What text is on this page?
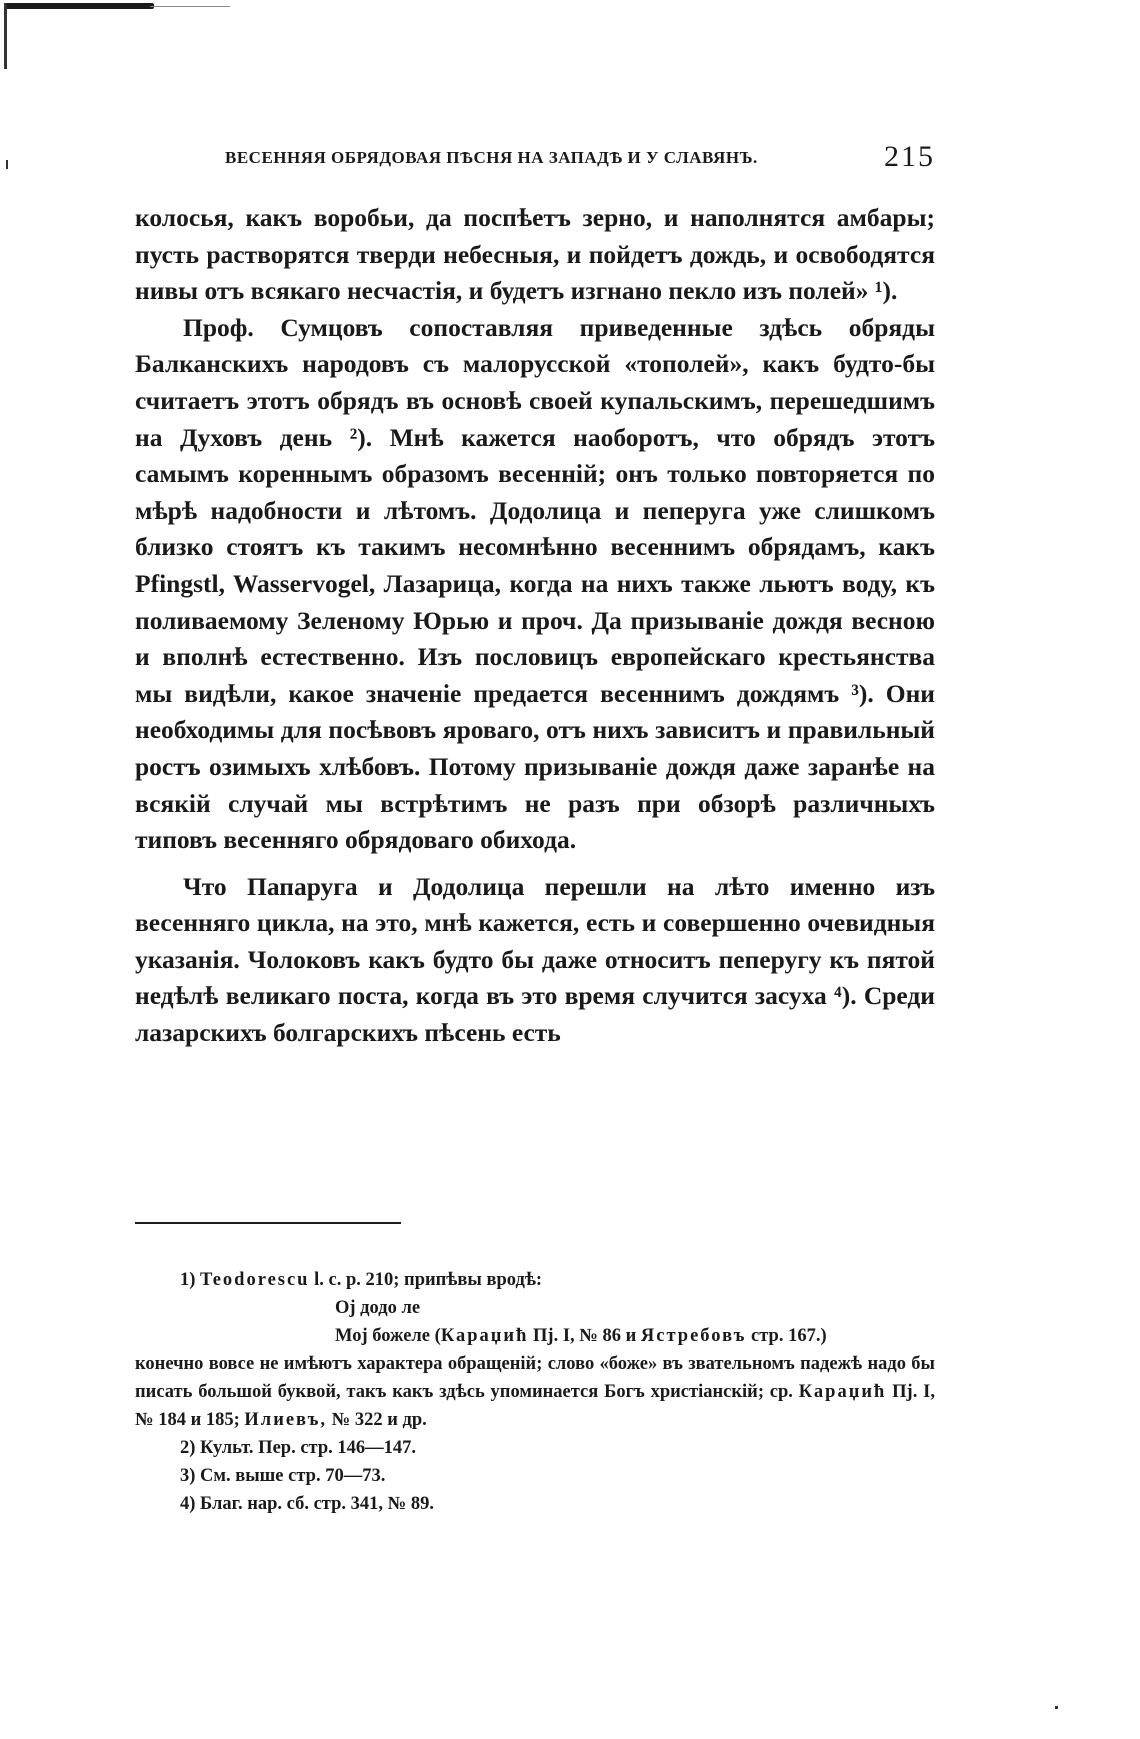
ВЕСЕННЯЯ ОБРЯДОВАЯ ПѢСНЯ НА ЗАПАДѢ И У СЛАВЯНЪ.	215

колосья, какъ воробьи, да поспѣетъ зерно, и наполнятся амбары; пусть растворятся тверди небесныя, и пойдетъ дождь, и освободятся нивы отъ всякаго несчастія, и будетъ изгнано пекло изъ полей» ¹).

Проф. Сумцовъ сопоставляя приведенные здѣсь обряды Балканскихъ народовъ съ малорусской «тополей», какъ будто-бы считаетъ этотъ обрядъ въ основѣ своей купальскимъ, перешедшимъ на Духовъ день ²). Мнѣ кажется наоборотъ, что обрядъ этотъ самымъ кореннымъ образомъ весенній; онъ только повторяется по мѣрѣ надобности и лѣтомъ. Додолица и пеперуга уже слишкомъ близко стоятъ къ такимъ несомнѣнно весеннимъ обрядамъ, какъ Pfingstl, Wasservogel, Лазарица, когда на нихъ также льютъ воду, къ поливаемому Зеленому Юрью и проч. Да призываніе дождя весною и вполнѣ естественно. Изъ пословицъ европейскаго крестьянства мы видѣли, какое значеніе предается весеннимъ дождямъ ³). Они необходимы для посѣвовъ яроваго, отъ нихъ зависитъ и правильный ростъ озимыхъ хлѣбовъ. Потому призываніе дождя даже заранѣе на всякій случай мы встрѣтимъ не разъ при обзорѣ различныхъ типовъ весенняго обрядоваго обихода.

Что Папаруга и Додолица перешли на лѣто именно изъ весенняго цикла, на это, мнѣ кажется, есть и совершенно очевидныя указанія. Чолоковъ какъ будто бы даже относитъ пеперугу къ пятой недѣлѣ великаго поста, когда въ это время случится засуха ⁴). Среди лазарскихъ болгарскихъ пѣсень есть

1) Teodorescu l. c. p. 210; припѣвы вродѣ:

Oj додо ле

Мој божеле (Караџић Пј. I, № 86 и Ястребовъ стр. 167.)

конечно вовсе не имѣютъ характера обращеній; слово «боже» въ звательномъ падежѣ надо бы писать большой буквой, такъ какъ здѣсь упоминается Богъ христіанскій; ср. Караџић Пј. I, № 184 и 185; Илиевъ, № 322 и др.

2) Культ. Пер. стр. 146—147.

3) См. выше стр. 70—73.

4) Благ. нар. сб. стр. 341, № 89.
